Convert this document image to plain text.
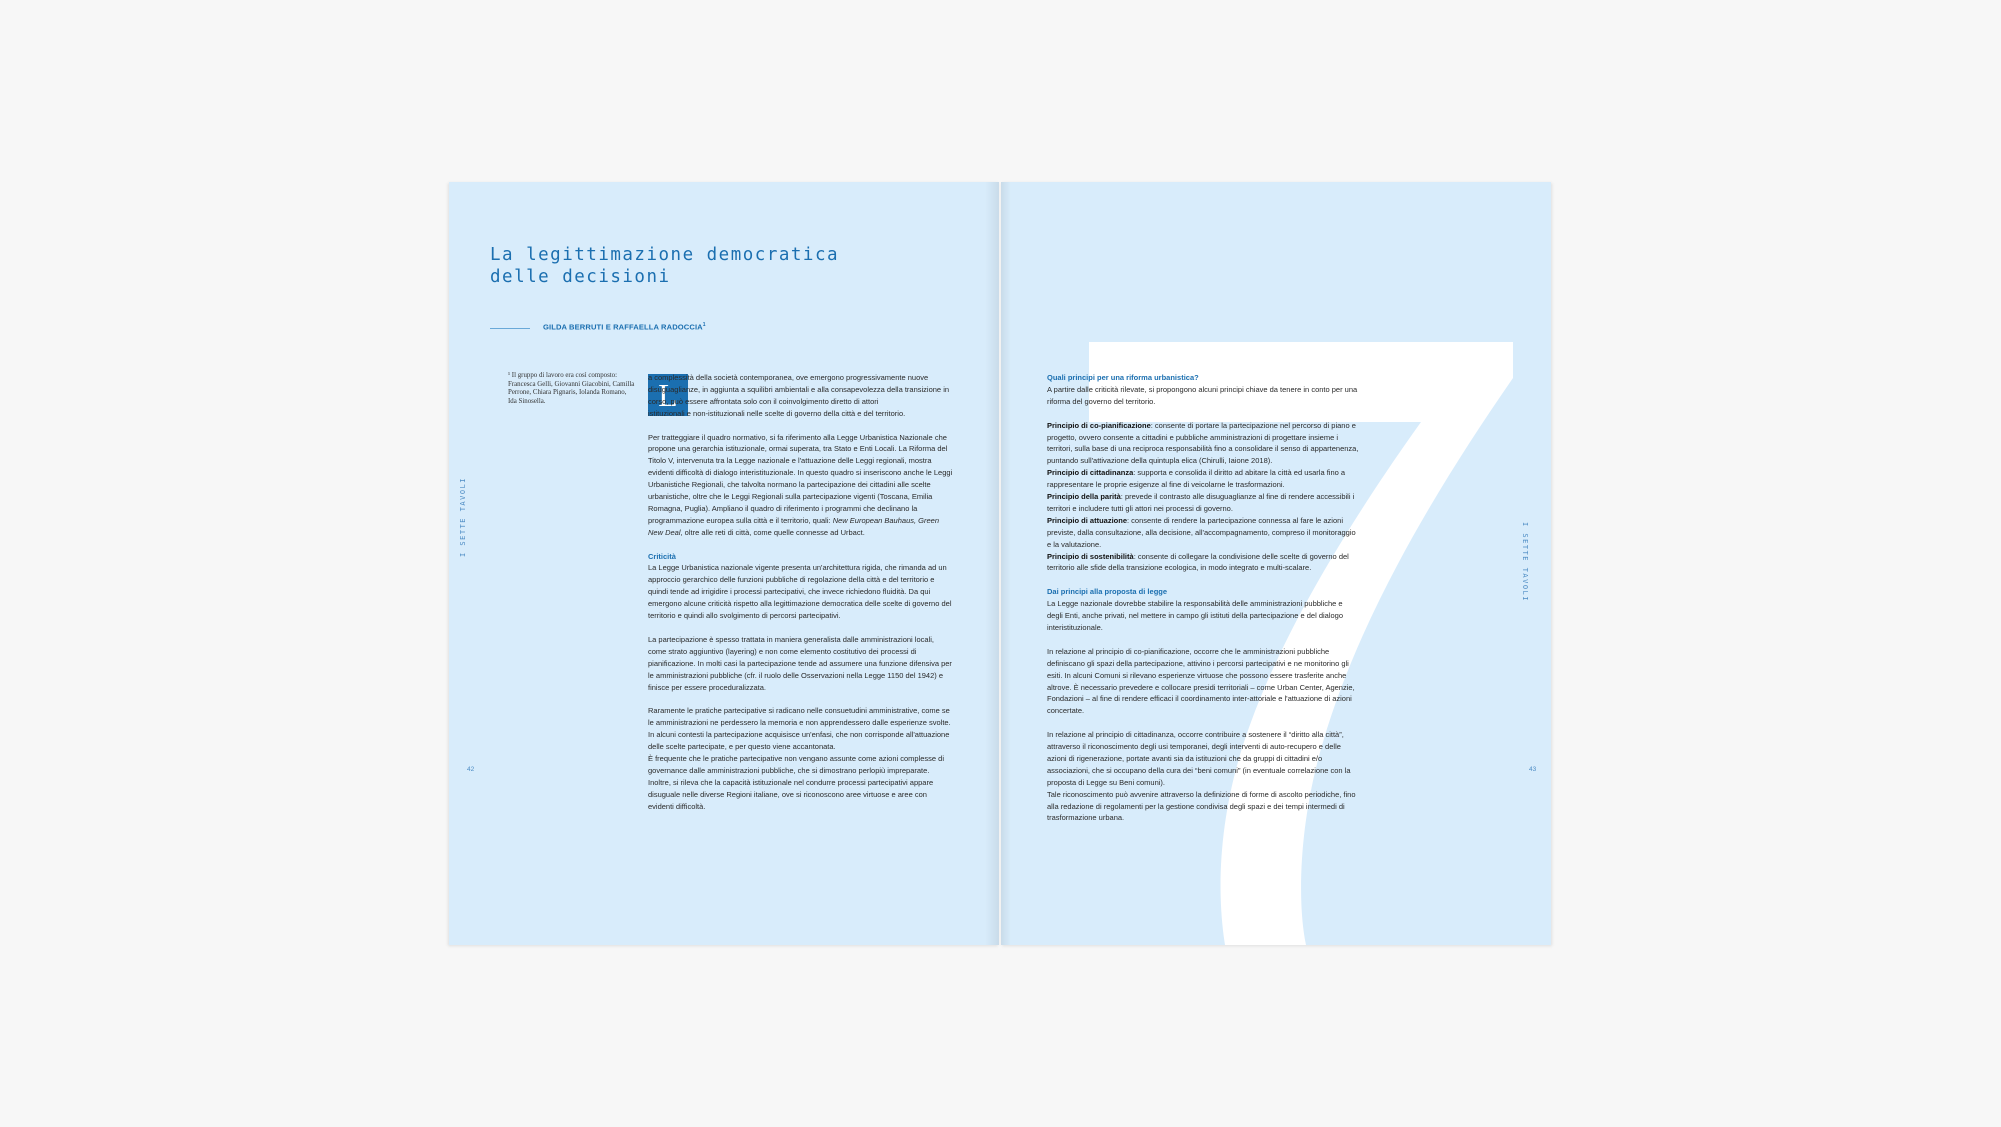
La legittimazione democratica
delle decisioni
GILDA BERRUTI E RAFFAELLA RADOCCIA$^1$
¹ Il gruppo di lavoro era così composto: Francesca Gelli, Giovanni Giacobini, Camilla Perrone, Chiara Pignaris, Iolanda Romano, Ida Sinosella.	L

a complessità della società contemporanea, ove emergono progressivamente nuove disuguaglianze, in aggiunta a squilibri ambientali e alla consapevolezza della transizione in corso, può essere affrontata solo con il coinvolgimento diretto di attori

istituzionali e non-istituzionali nelle scelte di governo della città e del territorio.

Per tratteggiare il quadro normativo, si fa riferimento alla Legge Urbanistica Nazionale che propone una gerarchia istituzionale, ormai superata, tra Stato e Enti Locali. La Riforma del Titolo V, intervenuta tra la Legge nazionale e l'attuazione delle Leggi regionali, mostra evidenti difficoltà di dialogo interistituzionale. In questo quadro si inseriscono anche le Leggi Urbanistiche Regionali, che talvolta normano la partecipazione dei cittadini alle scelte urbanistiche, oltre che le Leggi Regionali sulla partecipazione vigenti (Toscana, Emilia Romagna, Puglia). Ampliano il quadro di riferimento i programmi che declinano la programmazione europea sulla città e il territorio, quali: New European Bauhaus, Green New Deal, oltre alle reti di città, come quelle connesse ad Urbact.

Criticità

La Legge Urbanistica nazionale vigente presenta un'architettura rigida, che rimanda ad un approccio gerarchico delle funzioni pubbliche di regolazione della città e del territorio e quindi tende ad irrigidire i processi partecipativi, che invece richiedono fluidità. Da qui emergono alcune criticità rispetto alla legittimazione democratica delle scelte di governo del territorio e quindi allo svolgimento di percorsi partecipativi.

La partecipazione è spesso trattata in maniera generalista dalle amministrazioni locali, come strato aggiuntivo (layering) e non come elemento costitutivo dei processi di pianificazione. In molti casi la partecipazione tende ad assumere una funzione difensiva per le amministrazioni pubbliche (cfr. il ruolo delle Osservazioni nella Legge 1150 del 1942) e finisce per essere proceduralizzata.

Raramente le pratiche partecipative si radicano nelle consuetudini amministrative, come se le amministrazioni ne perdessero la memoria e non apprendessero dalle esperienze svolte.

In alcuni contesti la partecipazione acquisisce un'enfasi, che non corrisponde all'attuazione delle scelte partecipate, e per questo viene accantonata.

È frequente che le pratiche partecipative non vengano assunte come azioni complesse di governance dalle amministrazioni pubbliche, che si dimostrano perlopiù impreparate.

Inoltre, si rileva che la capacità istituzionale nel condurre processi partecipativi appare disuguale nelle diverse Regioni italiane, ove si riconoscono aree virtuose e aree con evidenti difficoltà.

I SETTE TAVOLI
42

Quali principi per una riforma urbanistica?

A partire dalle criticità rilevate, si propongono alcuni principi chiave da tenere in conto per una riforma del governo del territorio.

Principio di co-pianificazione: consente di portare la partecipazione nel percorso di piano e progetto, ovvero consente a cittadini e pubbliche amministrazioni di progettare insieme i territori, sulla base di una reciproca responsabilità fino a consolidare il senso di appartenenza, puntando sull'attivazione della quintupla elica (Chirulli, Iaione 2018).

Principio di cittadinanza: supporta e consolida il diritto ad abitare la città ed usarla fino a rappresentare le proprie esigenze al fine di veicolarne le trasformazioni.

Principio della parità: prevede il contrasto alle disuguaglianze al fine di rendere accessibili i territori e includere tutti gli attori nei processi di governo.

Principio di attuazione: consente di rendere la partecipazione connessa al fare le azioni previste, dalla consultazione, alla decisione, all'accompagnamento, compreso il monitoraggio e la valutazione.

Principio di sostenibilità: consente di collegare la condivisione delle scelte di governo del territorio alle sfide della transizione ecologica, in modo integrato e multi-scalare.

Dai principi alla proposta di legge

La Legge nazionale dovrebbe stabilire la responsabilità delle amministrazioni pubbliche e degli Enti, anche privati, nel mettere in campo gli istituti della partecipazione e del dialogo interistituzionale.

In relazione al principio di co-pianificazione, occorre che le amministrazioni pubbliche definiscano gli spazi della partecipazione, attivino i percorsi partecipativi e ne monitorino gli esiti. In alcuni Comuni si rilevano esperienze virtuose che possono essere trasferite anche altrove. È necessario prevedere e collocare presidi territoriali – come Urban Center, Agenzie, Fondazioni – al fine di rendere efficaci il coordinamento inter-attoriale e l'attuazione di azioni concertate.

In relazione al principio di cittadinanza, occorre contribuire a sostenere il “diritto alla città”, attraverso il riconoscimento degli usi temporanei, degli interventi di auto-recupero e delle azioni di rigenerazione, portate avanti sia da istituzioni che da gruppi di cittadini e/o associazioni, che si occupano della cura dei “beni comuni” (in eventuale correlazione con la proposta di Legge su Beni comuni).

Tale riconoscimento può avvenire attraverso la definizione di forme di ascolto periodiche, fino alla redazione di regolamenti per la gestione condivisa degli spazi e dei tempi intermedi di trasformazione urbana.

I SETTE TAVOLI
43
